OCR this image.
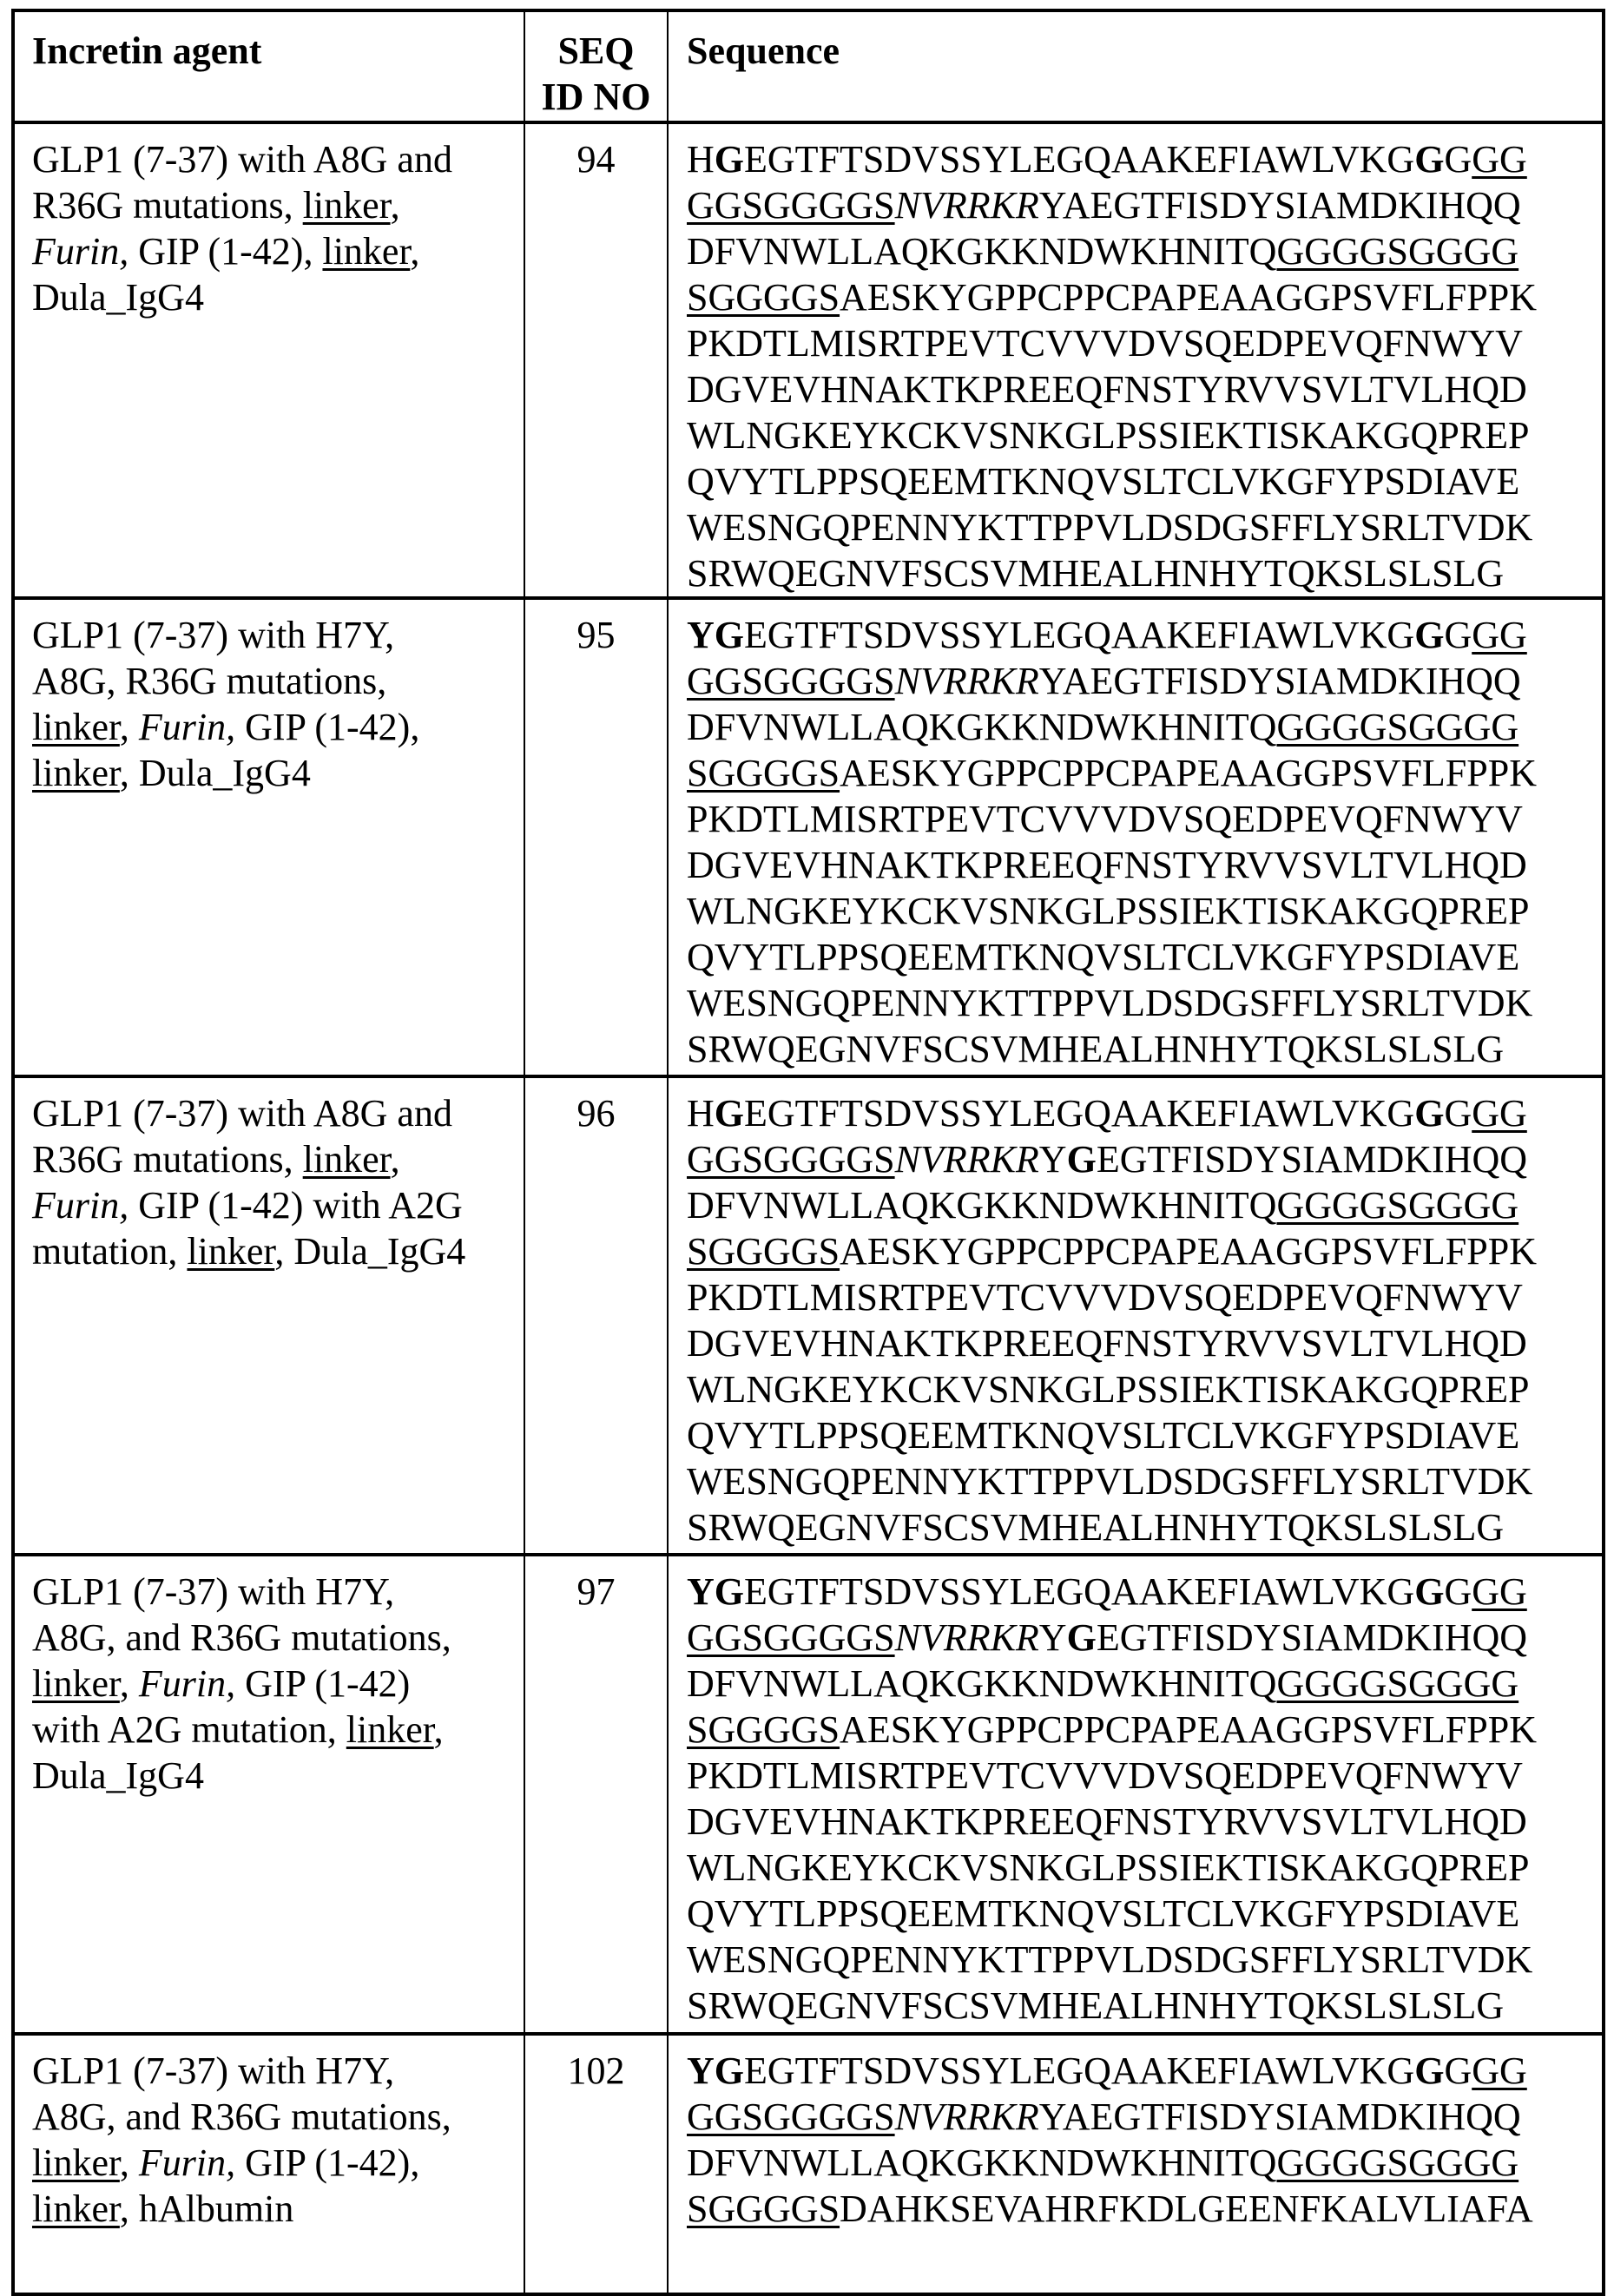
Incretin agent	SEQ
ID NO
	Sequence

GLP1 (7-37) with A8G and
R36G mutations, linker,
Furin, GIP (1-42), linker,
Dula_IgG4
	94	HGEGTFTSDVSSYLEGQAAKEFIAWLVKGGGGG
GGSGGGGSNVRRKRYAEGTFISDYSIAMDKIHQQ
DFVNWLLAQKGKKNDWKHNITQGGGGSGGGG
SGGGGSAESKYGPPCPPCPAPEAAGGPSVFLFPPK
PKDTLMISRTPEVTCVVVDVSQEDPEVQFNWYV
DGVEVHNAKTKPREEQFNSTYRVVSVLTVLHQD
WLNGKEYKCKVSNKGLPSSIEKTISKAKGQPREP
QVYTLPPSQEEMTKNQVSLTCLVKGFYPSDIAVE
WESNGQPENNYKTTPPVLDSDGSFFLYSRLTVDK
SRWQEGNVFSCSVMHEALHNHYTQKSLSLSLG

GLP1 (7-37) with H7Y,
A8G, R36G mutations,
linker, Furin, GIP (1-42),
linker, Dula_IgG4
	95	YGEGTFTSDVSSYLEGQAAKEFIAWLVKGGGGG
GGSGGGGSNVRRKRYAEGTFISDYSIAMDKIHQQ
DFVNWLLAQKGKKNDWKHNITQGGGGSGGGG
SGGGGSAESKYGPPCPPCPAPEAAGGPSVFLFPPK
PKDTLMISRTPEVTCVVVDVSQEDPEVQFNWYV
DGVEVHNAKTKPREEQFNSTYRVVSVLTVLHQD
WLNGKEYKCKVSNKGLPSSIEKTISKAKGQPREP
QVYTLPPSQEEMTKNQVSLTCLVKGFYPSDIAVE
WESNGQPENNYKTTPPVLDSDGSFFLYSRLTVDK
SRWQEGNVFSCSVMHEALHNHYTQKSLSLSLG

GLP1 (7-37) with A8G and
R36G mutations, linker,
Furin, GIP (1-42) with A2G
mutation, linker, Dula_IgG4
	96	HGEGTFTSDVSSYLEGQAAKEFIAWLVKGGGGG
GGSGGGGSNVRRKRYGEGTFISDYSIAMDKIHQQ
DFVNWLLAQKGKKNDWKHNITQGGGGSGGGG
SGGGGSAESKYGPPCPPCPAPEAAGGPSVFLFPPK
PKDTLMISRTPEVTCVVVDVSQEDPEVQFNWYV
DGVEVHNAKTKPREEQFNSTYRVVSVLTVLHQD
WLNGKEYKCKVSNKGLPSSIEKTISKAKGQPREP
QVYTLPPSQEEMTKNQVSLTCLVKGFYPSDIAVE
WESNGQPENNYKTTPPVLDSDGSFFLYSRLTVDK
SRWQEGNVFSCSVMHEALHNHYTQKSLSLSLG

GLP1 (7-37) with H7Y,
A8G, and R36G mutations,
linker, Furin, GIP (1-42)
with A2G mutation, linker,
Dula_IgG4
	97	YGEGTFTSDVSSYLEGQAAKEFIAWLVKGGGGG
GGSGGGGSNVRRKRYGEGTFISDYSIAMDKIHQQ
DFVNWLLAQKGKKNDWKHNITQGGGGSGGGG
SGGGGSAESKYGPPCPPCPAPEAAGGPSVFLFPPK
PKDTLMISRTPEVTCVVVDVSQEDPEVQFNWYV
DGVEVHNAKTKPREEQFNSTYRVVSVLTVLHQD
WLNGKEYKCKVSNKGLPSSIEKTISKAKGQPREP
QVYTLPPSQEEMTKNQVSLTCLVKGFYPSDIAVE
WESNGQPENNYKTTPPVLDSDGSFFLYSRLTVDK
SRWQEGNVFSCSVMHEALHNHYTQKSLSLSLG

GLP1 (7-37) with H7Y,
A8G, and R36G mutations,
linker, Furin, GIP (1-42),
linker, hAlbumin
	102	YGEGTFTSDVSSYLEGQAAKEFIAWLVKGGGGG
GGSGGGGSNVRRKRYAEGTFISDYSIAMDKIHQQ
DFVNWLLAQKGKKNDWKHNITQGGGGSGGGG
SGGGGSDAHKSEVAHRFKDLGEENFKALVLIAFA
